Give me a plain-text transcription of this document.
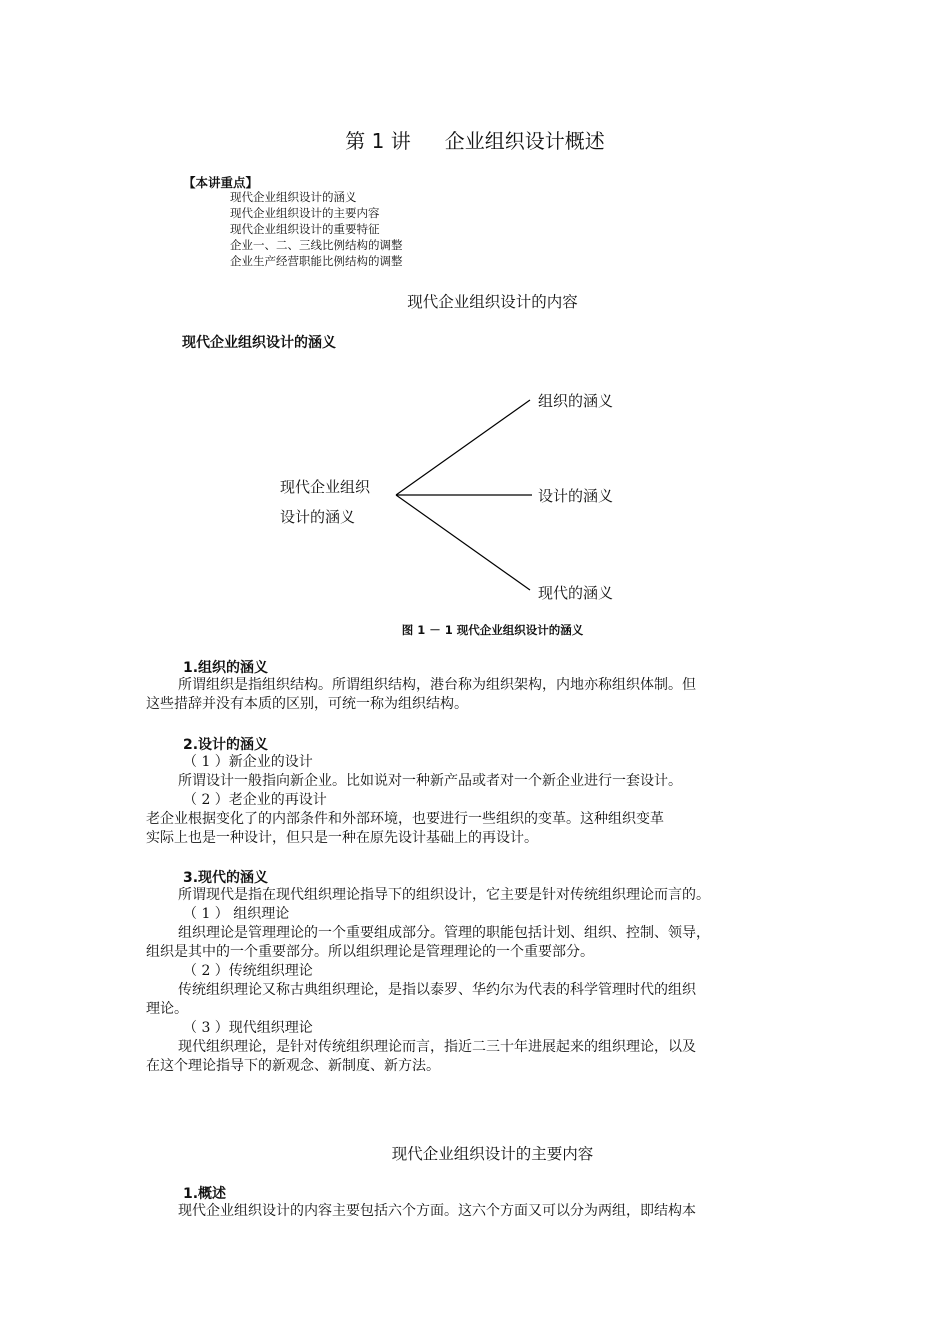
第 1 讲 企业组织设计概述
【本讲重点】
现代企业组织设计的涵义
现代企业组织设计的主要内容
现代企业组织设计的重要特征
企业一、二、三线比例结构的调整
企业生产经营职能比例结构的调整
现代企业组织设计的内容
现代企业组织设计的涵义
现代企业组织
设计的涵义
组织的涵义
设计的涵义
现代的涵义
图 1 － 1 现代企业组织设计的涵义
1.组织的涵义
所谓组织是指组织结构。所谓组织结构，港台称为组织架构，内地亦称组织体制。但
这些措辞并没有本质的区别，可统一称为组织结构。
2.设计的涵义
（ 1 ）新企业的设计
所谓设计一般指向新企业。比如说对一种新产品或者对一个新企业进行一套设计。
（ 2 ）老企业的再设计
老企业根据变化了的内部条件和外部环境，也要进行一些组织的变革。这种组织变革
实际上也是一种设计，但只是一种在原先设计基础上的再设计。
3.现代的涵义
所谓现代是指在现代组织理论指导下的组织设计，它主要是针对传统组织理论而言的。
（ 1 ） 组织理论
组织理论是管理理论的一个重要组成部分。管理的职能包括计划、组织、控制、领导，
组织是其中的一个重要部分。所以组织理论是管理理论的一个重要部分。
（ 2 ）传统组织理论
传统组织理论又称古典组织理论，是指以泰罗、华约尔为代表的科学管理时代的组织
理论。
（ 3 ）现代组织理论
现代组织理论，是针对传统组织理论而言，指近二三十年进展起来的组织理论，以及
在这个理论指导下的新观念、新制度、新方法。
现代企业组织设计的主要内容
1.概述
现代企业组织设计的内容主要包括六个方面。这六个方面又可以分为两组，即结构本
